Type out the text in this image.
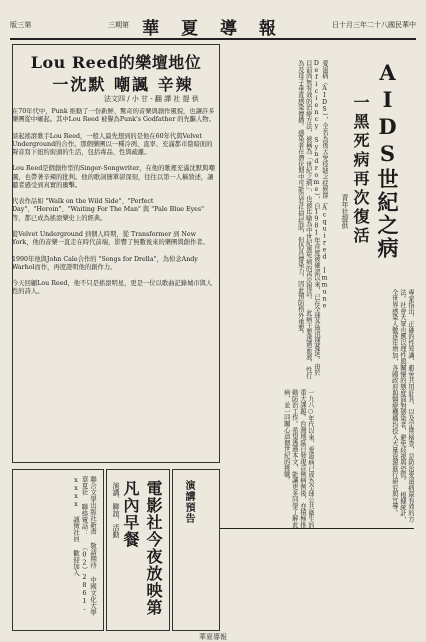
版三第	三期第 華 夏 導 報	日十月三年二十八國民華中
Lou Reed的樂壇地位
一沈默 嘲諷 辛辣
法文四 / 小 甘 - 翻 譯 社 提 供
在70年代中，Punk 推動了一份新鮮、驚奇的音樂與創作風貌，也讓許多樂團從中崛起。其中Lou Reed 被譽為Punk's Godfather 的先驅人物。

談起搖滾歌手Lou Reed，一般人最先想到的是他在60年代與Velvet Underground的合作。那個樂團以一種冷冽、直率、充滿都市陰暗面的聲音寫下紐約街頭的生活，包括毒品、性與疏離。

Lou Reed是個創作型的Singer-Songwriter，在他的歌裡充滿沈默與嘲諷，也帶著辛辣的批判。他的歌詞簡單卻深刻，往往以第一人稱敘述，讓聽者感受到真實的衝擊。

代表作品如 "Walk on the Wild Side"、"Perfect Day"、"Heroin"、"Waiting For The Man" 與 "Pale Blue Eyes" 等，都已成為搖滾樂史上的經典。

從Velvet Underground 到個人時期，從 Transformer 到 New York，他的音樂一直走在時代前端，影響了無數後來的樂團與創作者。

1990年他與John Cale合作的 "Songs for Drella"，為悼念Andy Warhol而作，再度證明他的創作力。

今天回顧Lou Reed，他不只是搖滾明星，更是一位以歌曲記錄城市與人性的詩人。
聯合文學出版社新書 敬請期待 中國文化大學 華夏社 聯絡電話： （02）2861-xxxx 誠徵社員 歡迎加入	演講．聯誼．活動	電影社今夜放映第凡內早餐	演講預告
AIDS世紀之病
一黑死病再次復活
青年社提供
愛滋病（AIDS），全名為後天免疫缺乏症候群（Acquired Immune Deficiency Syndrome），自1981年首度被確認以來，已在全球各地迅速蔓延。由於目前尚無有效的治療方法，被稱為「世紀之病」，也被比喻為中世紀黑死病的再次復活。 此病主要透過血液、性行為及母子垂直感染傳播。感染者在潛伏期中可能沒有任何症狀，但仍具傳染力，因此預防格外重要。
專家指出，正確的性知識、避免共用針具、以及定期檢查，是防治愛滋病最有效的方法。社會大眾也應以理性與關懷的態度面對感染者，避免歧視與恐慌。 根據統計，全世界感染人數逐年增加，各國政府與醫療機構均投入大量資源進行研究與宣導。
一九八○年代以來，愛滋病已成為全球公共衛生的重大課題。台灣地區自發現首例病例後，亦積極推動防治工作。希望透過本文，能讓更多同學了解此病，並一同關心這個世紀的挑戰。
華夏導報
